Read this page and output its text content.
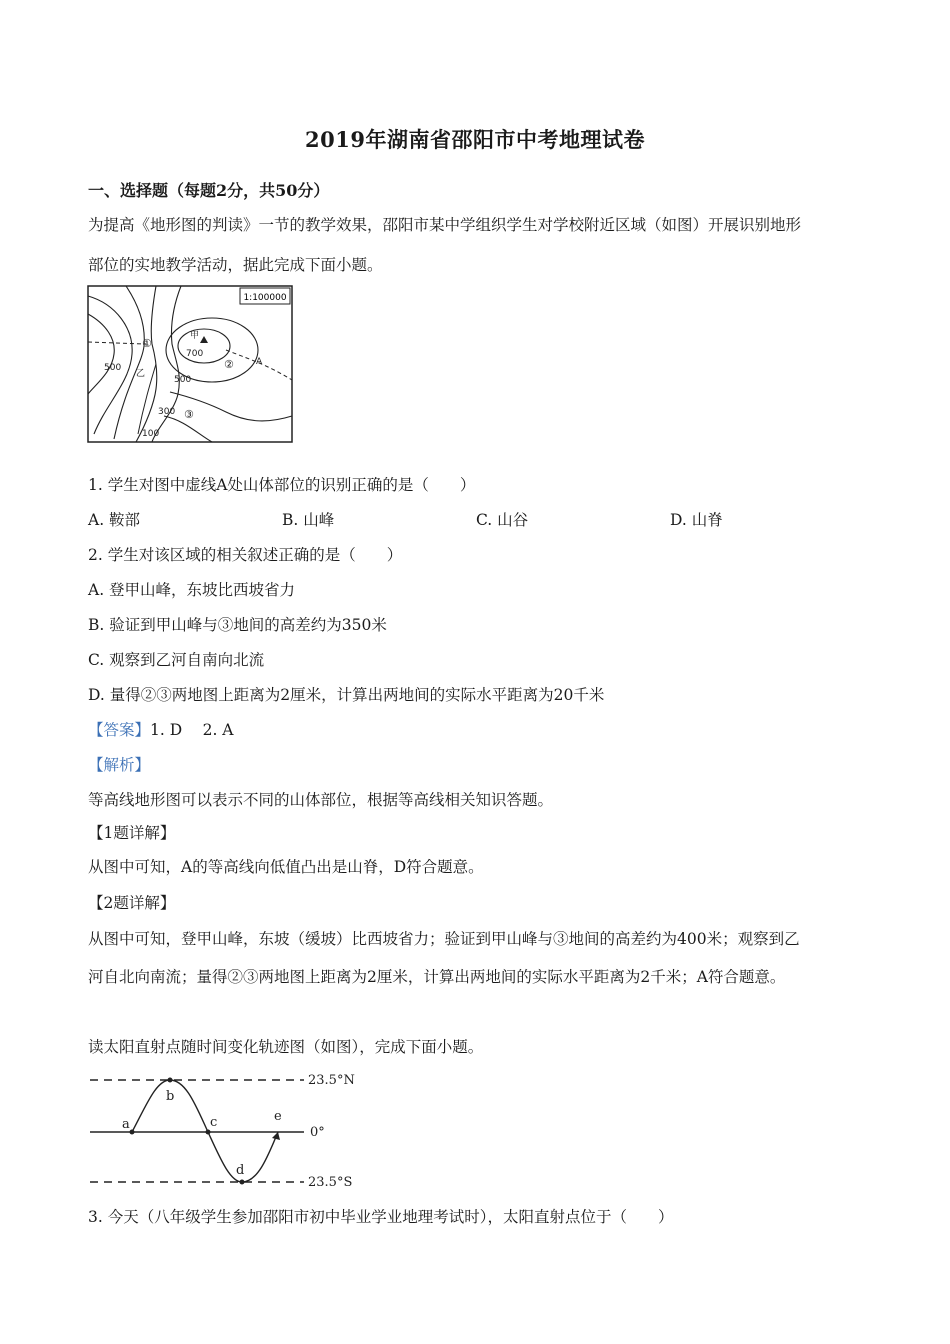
2019年湖南省邵阳市中考地理试卷
一、选择题（每题2分，共50分）
为提高《地形图的判读》一节的教学效果，邵阳市某中学组织学生对学校附近区域（如图）开展识别地形
部位的实地教学活动，据此完成下面小题。
1:100000
甲
700
500
500
300
100
乙
A
①
②
③
1. 学生对图中虚线A处山体部位的识别正确的是（　　）
A. 鞍部	B. 山峰	C. 山谷	D. 山脊
2. 学生对该区域的相关叙述正确的是（　　）
A. 登甲山峰，东坡比西坡省力
B. 验证到甲山峰与③地间的高差约为350米
C. 观察到乙河自南向北流
D. 量得②③两地图上距离为2厘米，计算出两地间的实际水平距离为20千米
【答案】1. D　 2. A
【解析】
等高线地形图可以表示不同的山体部位，根据等高线相关知识答题。
【1题详解】
从图中可知，A的等高线向低值凸出是山脊，D符合题意。
【2题详解】
从图中可知，登甲山峰，东坡（缓坡）比西坡省力；验证到甲山峰与③地间的高差约为400米；观察到乙
河自北向南流；量得②③两地图上距离为2厘米，计算出两地间的实际水平距离为2千米；A符合题意。
读太阳直射点随时间变化轨迹图（如图），完成下面小题。
23.5°N
0°
23.5°S
a
b
c
d
e
3. 今天（八年级学生参加邵阳市初中毕业学业地理考试时），太阳直射点位于（　　）
